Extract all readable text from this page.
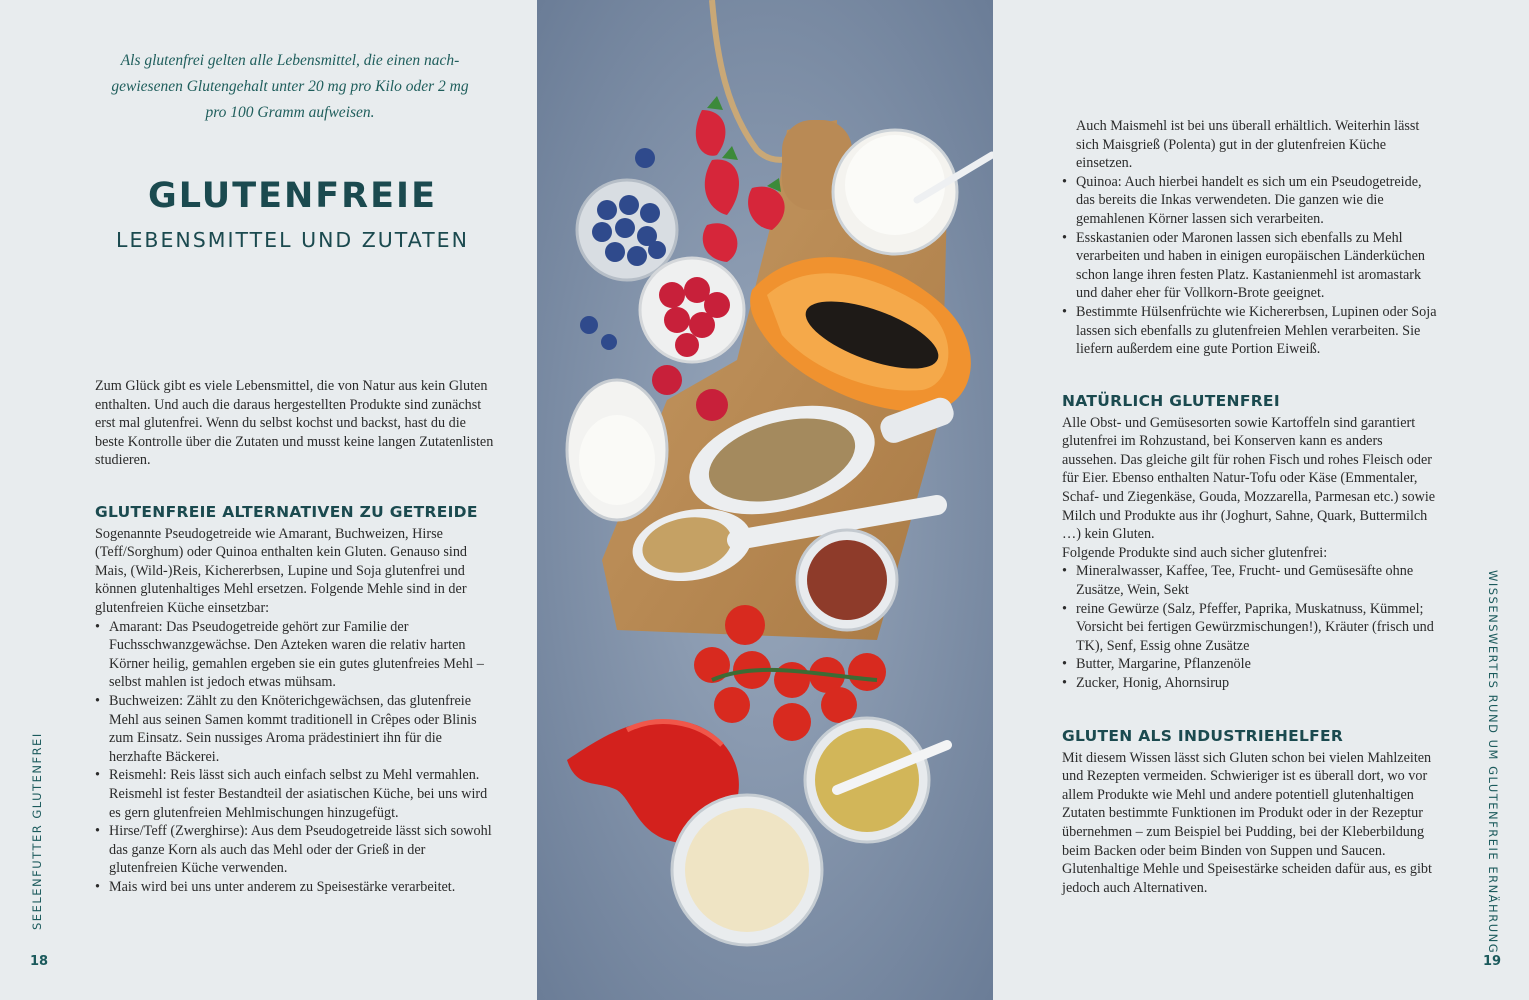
Als glutenfrei gelten alle Lebensmittel, die einen nach-gewiesenen Glutengehalt unter 20 mg pro Kilo oder 2 mg pro 100 Gramm aufweisen.

GLUTENFREIE
LEBENSMITTEL UND ZUTATEN

Zum Glück gibt es viele Lebensmittel, die von Natur aus kein Gluten enthalten. Und auch die daraus hergestellten Produkte sind zunächst erst mal glutenfrei. Wenn du selbst kochst und backst, hast du die beste Kontrolle über die Zutaten und musst keine langen Zutatenlisten studieren.

GLUTENFREIE ALTERNATIVEN ZU GETREIDE

Sogenannte Pseudogetreide wie Amarant, Buchweizen, Hirse (Teff/Sorghum) oder Quinoa enthalten kein Gluten. Genauso sind Mais, (Wild-)Reis, Kichererbsen, Lupine und Soja glutenfrei und können glutenhaltiges Mehl ersetzen. Folgende Mehle sind in der glutenfreien Küche einsetzbar:

• Amarant: Das Pseudogetreide gehört zur Familie der Fuchsschwanzgewächse. Den Azteken waren die relativ harten Körner heilig, gemahlen ergeben sie ein gutes glutenfreies Mehl – selbst mahlen ist jedoch etwas mühsam.
• Buchweizen: Zählt zu den Knöterichgewächsen, das glutenfreie Mehl aus seinen Samen kommt traditionell in Crêpes oder Blinis zum Einsatz. Sein nussiges Aroma prädestiniert ihn für die herzhafte Bäckerei.
• Reismehl: Reis lässt sich auch einfach selbst zu Mehl vermahlen. Reismehl ist fester Bestandteil der asiatischen Küche, bei uns wird es gern glutenfreien Mehlmischungen hinzugefügt.
• Hirse/Teff (Zwerghirse): Aus dem Pseudogetreide lässt sich sowohl das ganze Korn als auch das Mehl oder der Grieß in der glutenfreien Küche verwenden.
• Mais wird bei uns unter anderem zu Speisestärke verarbeitet.

Auch Maismehl ist bei uns überall erhältlich. Weiterhin lässt sich Maisgrieß (Polenta) gut in der glutenfreien Küche einsetzen.

• Quinoa: Auch hierbei handelt es sich um ein Pseudogetreide, das bereits die Inkas verwendeten. Die ganzen wie die gemahlenen Körner lassen sich verarbeiten.
• Esskastanien oder Maronen lassen sich ebenfalls zu Mehl verarbeiten und haben in einigen europäischen Länderküchen schon lange ihren festen Platz. Kastanienmehl ist aromastark und daher eher für Vollkorn-Brote geeignet.
• Bestimmte Hülsenfrüchte wie Kichererbsen, Lupinen oder Soja lassen sich ebenfalls zu glutenfreien Mehlen verarbeiten. Sie liefern außerdem eine gute Portion Eiweiß.
NATÜRLICH GLUTENFREI

Alle Obst- und Gemüsesorten sowie Kartoffeln sind garantiert glutenfrei im Rohzustand, bei Konserven kann es anders aussehen. Das gleiche gilt für rohen Fisch und rohes Fleisch oder für Eier. Ebenso enthalten Natur-Tofu oder Käse (Emmentaler, Schaf- und Ziegenkäse, Gouda, Mozzarella, Parmesan etc.) sowie Milch und Produkte aus ihr (Joghurt, Sahne, Quark, Buttermilch …) kein Gluten.

Folgende Produkte sind auch sicher glutenfrei:

• Mineralwasser, Kaffee, Tee, Frucht- und Gemüsesäfte ohne Zusätze, Wein, Sekt
• reine Gewürze (Salz, Pfeffer, Paprika, Muskatnuss, Kümmel; Vorsicht bei fertigen Gewürzmischungen!), Kräuter (frisch und TK), Senf, Essig ohne Zusätze
• Butter, Margarine, Pflanzenöle
• Zucker, Honig, Ahornsirup
GLUTEN ALS INDUSTRIEHELFER

Mit diesem Wissen lässt sich Gluten schon bei vielen Mahlzeiten und Rezepten vermeiden. Schwieriger ist es überall dort, wo vor allem Produkte wie Mehl und andere potentiell glutenhaltigen Zutaten bestimmte Funktionen im Produkt oder in der Rezeptur übernehmen – zum Beispiel bei Pudding, bei der Kleberbildung beim Backen oder beim Binden von Suppen und Saucen. Glutenhaltige Mehle und Speisestärke scheiden dafür aus, es gibt jedoch auch Alternativen.

SEELENFUTTER GLUTENFREI	WISSENSWERTES RUND UM GLUTENFREIE ERNÄHRUNG
18	19
